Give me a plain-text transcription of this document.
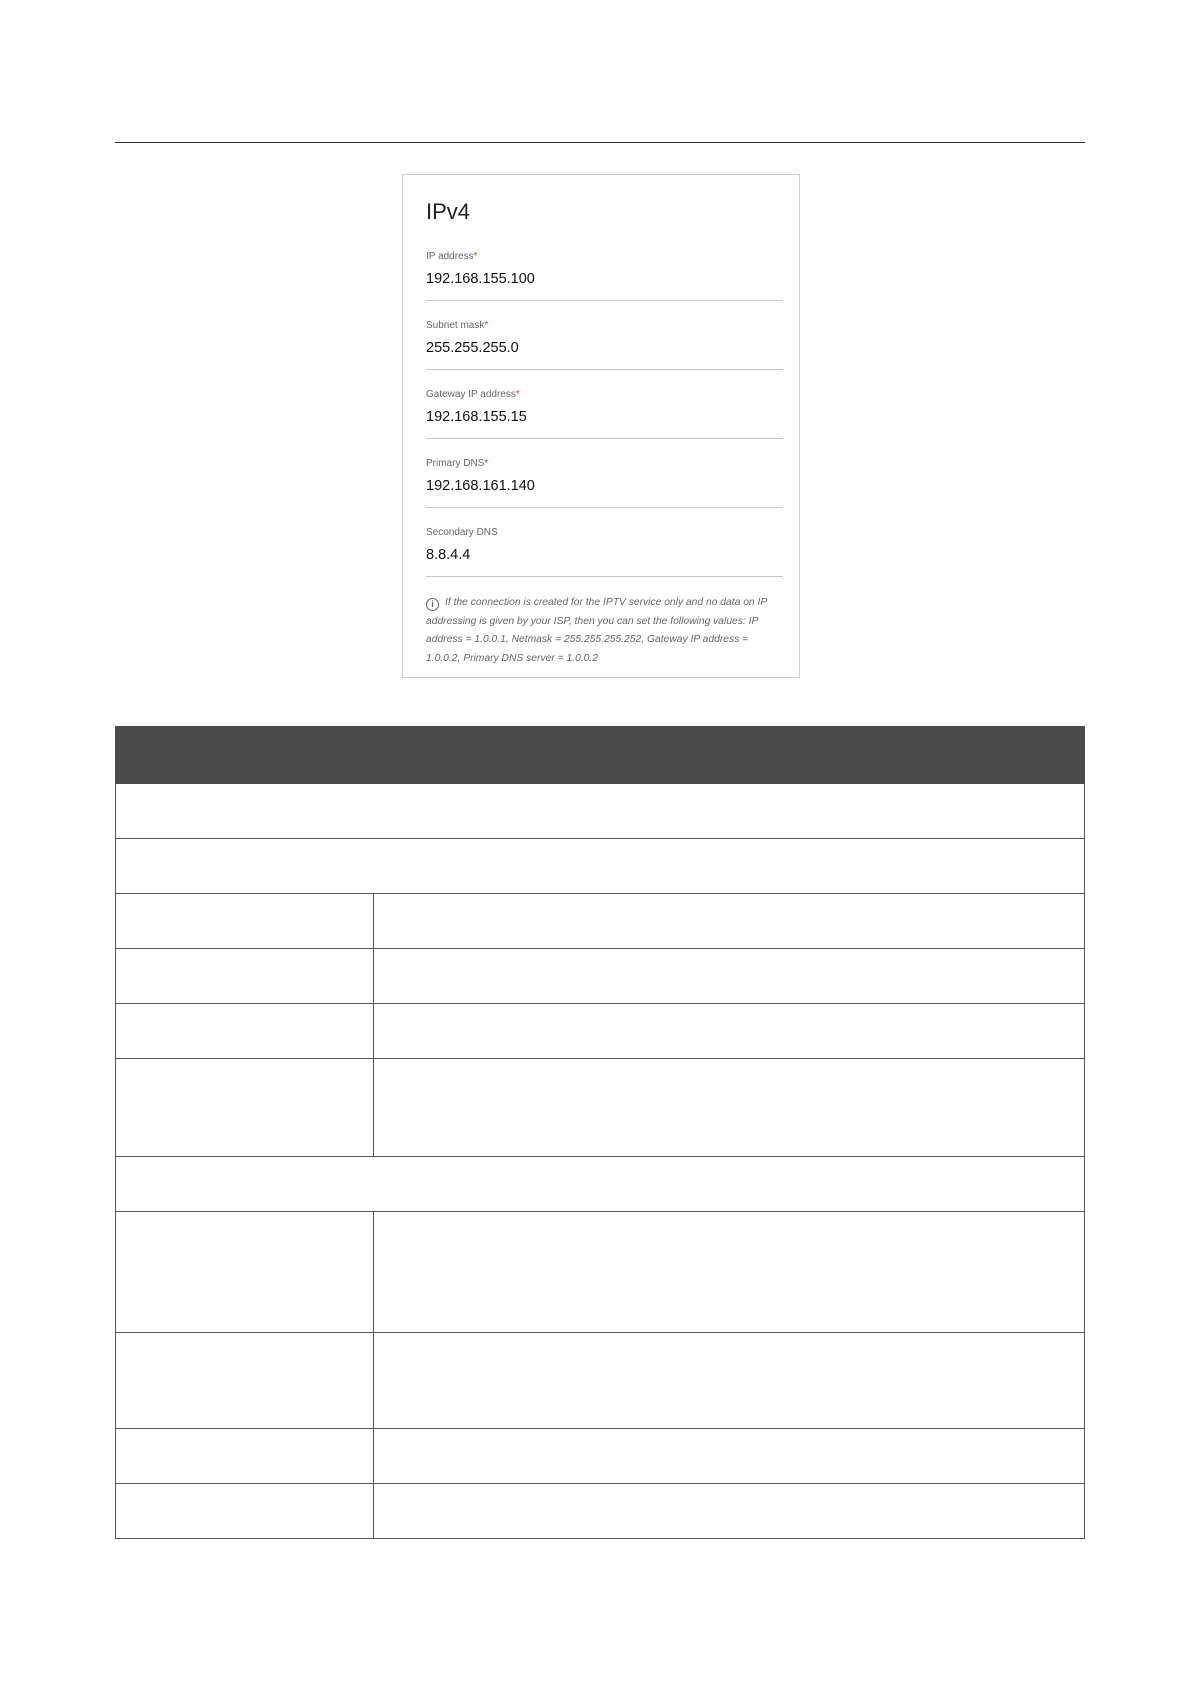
IPv4
IP address*
192.168.155.100
Subnet mask*
255.255.255.0
Gateway IP address*
192.168.155.15
Primary DNS*
192.168.161.140
Secondary DNS
8.8.4.4
i If the connection is created for the IPTV service only and no data on IP addressing is given by your ISP, then you can set the following values: IP address = 1.0.0.1, Netmask = 255.255.255.252, Gateway IP address = 1.0.0.2, Primary DNS server = 1.0.0.2
